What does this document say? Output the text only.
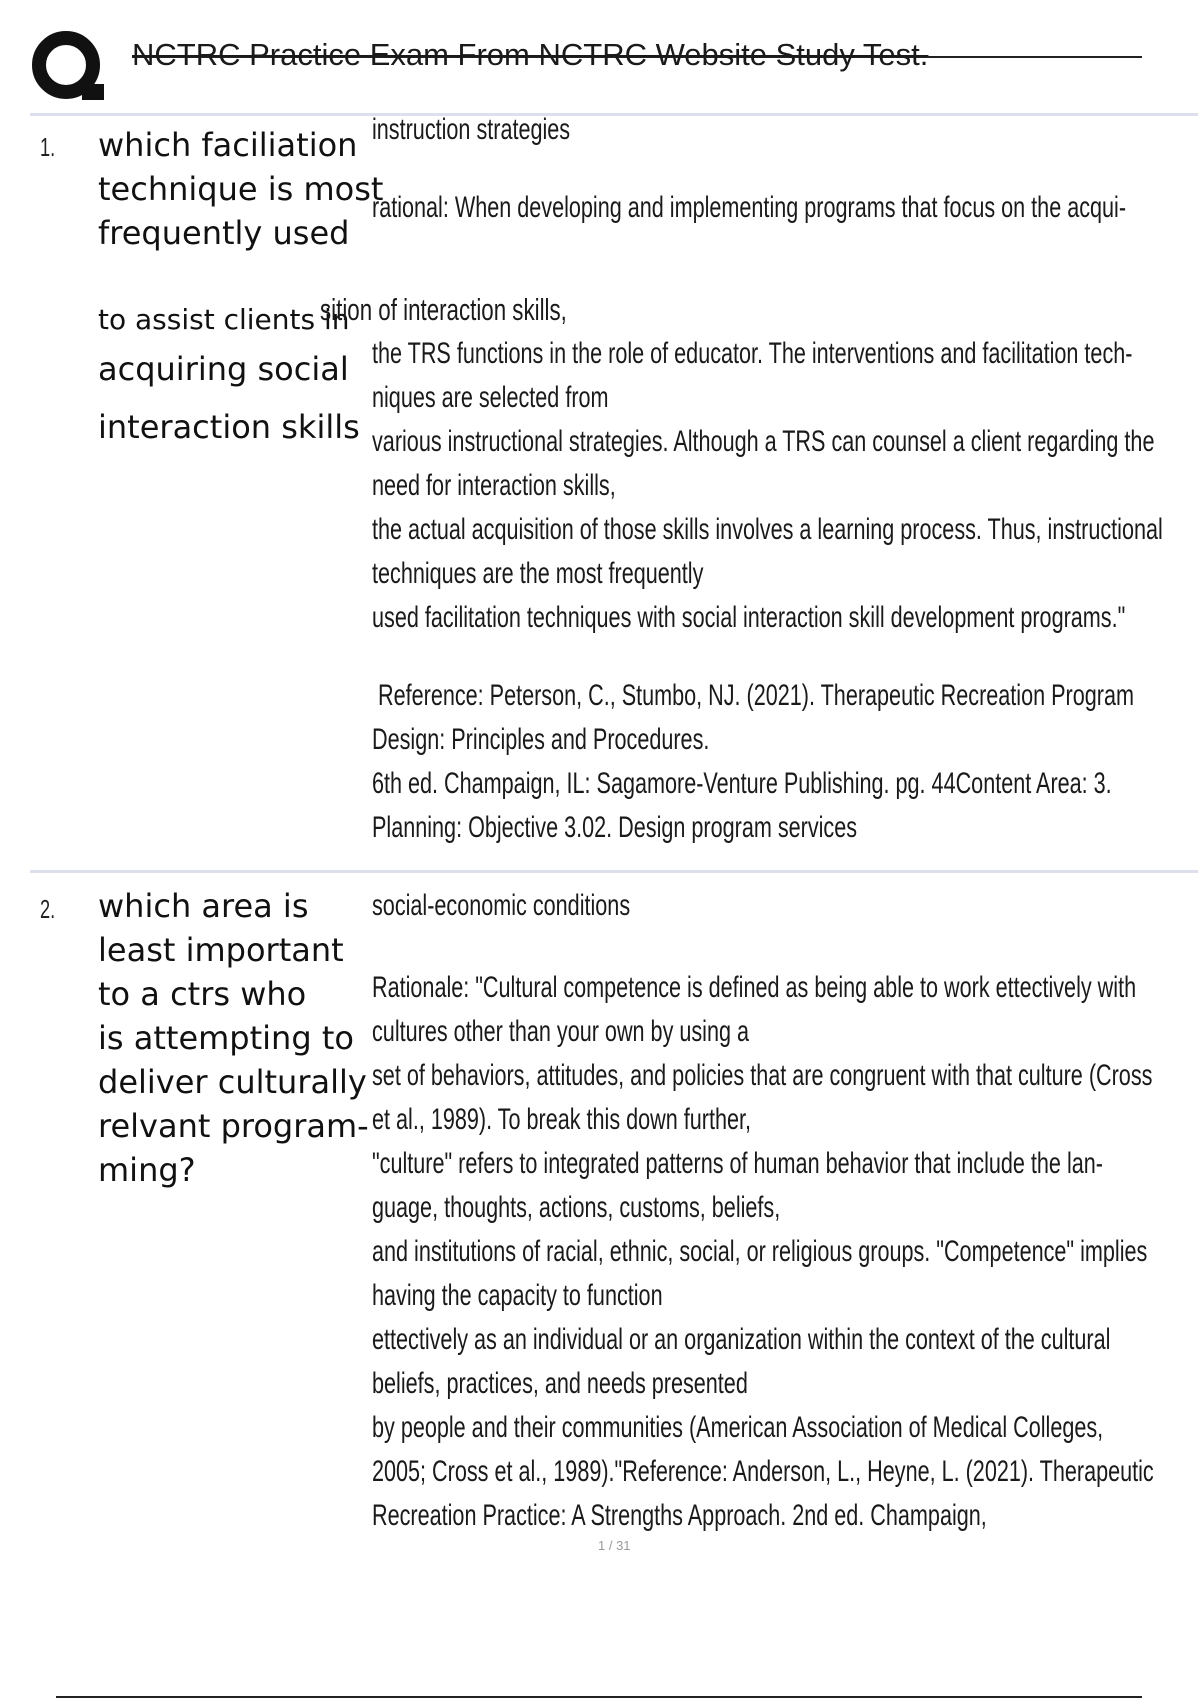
NCTRC Practice Exam From NCTRC Website Study Test.
1. which faciliation
technique is most
frequently used
to assist clients in
acquiring social
interaction skills
instruction strategies
rational: When developing and implementing programs that focus on the acqui-
sition of interaction skills,
the TRS functions in the role of educator. The interventions and facilitation tech-
niques are selected from
various instructional strategies. Although a TRS can counsel a client regarding the
need for interaction skills,
the actual acquisition of those skills involves a learning process. Thus, instructional
techniques are the most frequently
used facilitation techniques with social interaction skill development programs."
Reference: Peterson, C., Stumbo, NJ. (2021). Therapeutic Recreation Program
Design: Principles and Procedures.
6th ed. Champaign, IL: Sagamore-Venture Publishing. pg. 44Content Area: 3.
Planning: Objective 3.02. Design program services
2. which area is
least important
to a ctrs who
is attempting to
deliver culturally
relvant program-
ming?
social-economic conditions
Rationale: "Cultural competence is defined as being able to work ettectively with
cultures other than your own by using a
set of behaviors, attitudes, and policies that are congruent with that culture (Cross
et al., 1989). To break this down further,
"culture" refers to integrated patterns of human behavior that include the lan-
guage, thoughts, actions, customs, beliefs,
and institutions of racial, ethnic, social, or religious groups. "Competence" implies
having the capacity to function
ettectively as an individual or an organization within the context of the cultural
beliefs, practices, and needs presented
by people and their communities (American Association of Medical Colleges,
2005; Cross et al., 1989)."Reference: Anderson, L., Heyne, L. (2021). Therapeutic
Recreation Practice: A Strengths Approach. 2nd ed. Champaign,
1 / 31
